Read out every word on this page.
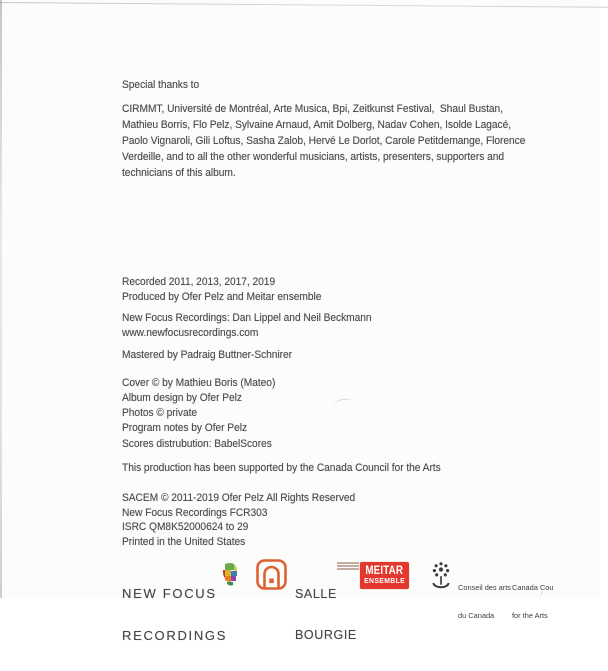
Special thanks to
CIRMMT, Université de Montréal, Arte Musica, Bpi, Zeitkunst Festival,  Shaul Bustan,
Mathieu Borris, Flo Pelz, Sylvaine Arnaud, Amit Dolberg, Nadav Cohen, Isolde Lagacé,
Paolo Vignaroli, Gili Loftus, Sasha Zalob, Hervé Le Dorlot, Carole Petitdemange, Florence
Verdeille, and to all the other wonderful musicians, artists, presenters, supporters and
technicians of this album.
Recorded 2011, 2013, 2017, 2019
Produced by Ofer Pelz and Meitar ensemble
New Focus Recordings: Dan Lippel and Neil Beckmann
www.newfocusrecordings.com
Mastered by Padraig Buttner-Schnirer
Cover © by Mathieu Boris (Mateo)
Album design by Ofer Pelz
Photos © private
Program notes by Ofer Pelz
Scores distrubution: BabelScores
This production has been supported by the Canada Council for the Arts
SACEM © 2011-2019 Ofer Pelz All Rights Reserved
New Focus Recordings FCR303
ISRC QM8K52000624 to 29
Printed in the United States

NEW FOCUS

RECORDINGS

SALLE

BOURGIE

MEITAR
ENSEMBLE

Conseil des arts

du Canada

Canada Cou

for the Arts
